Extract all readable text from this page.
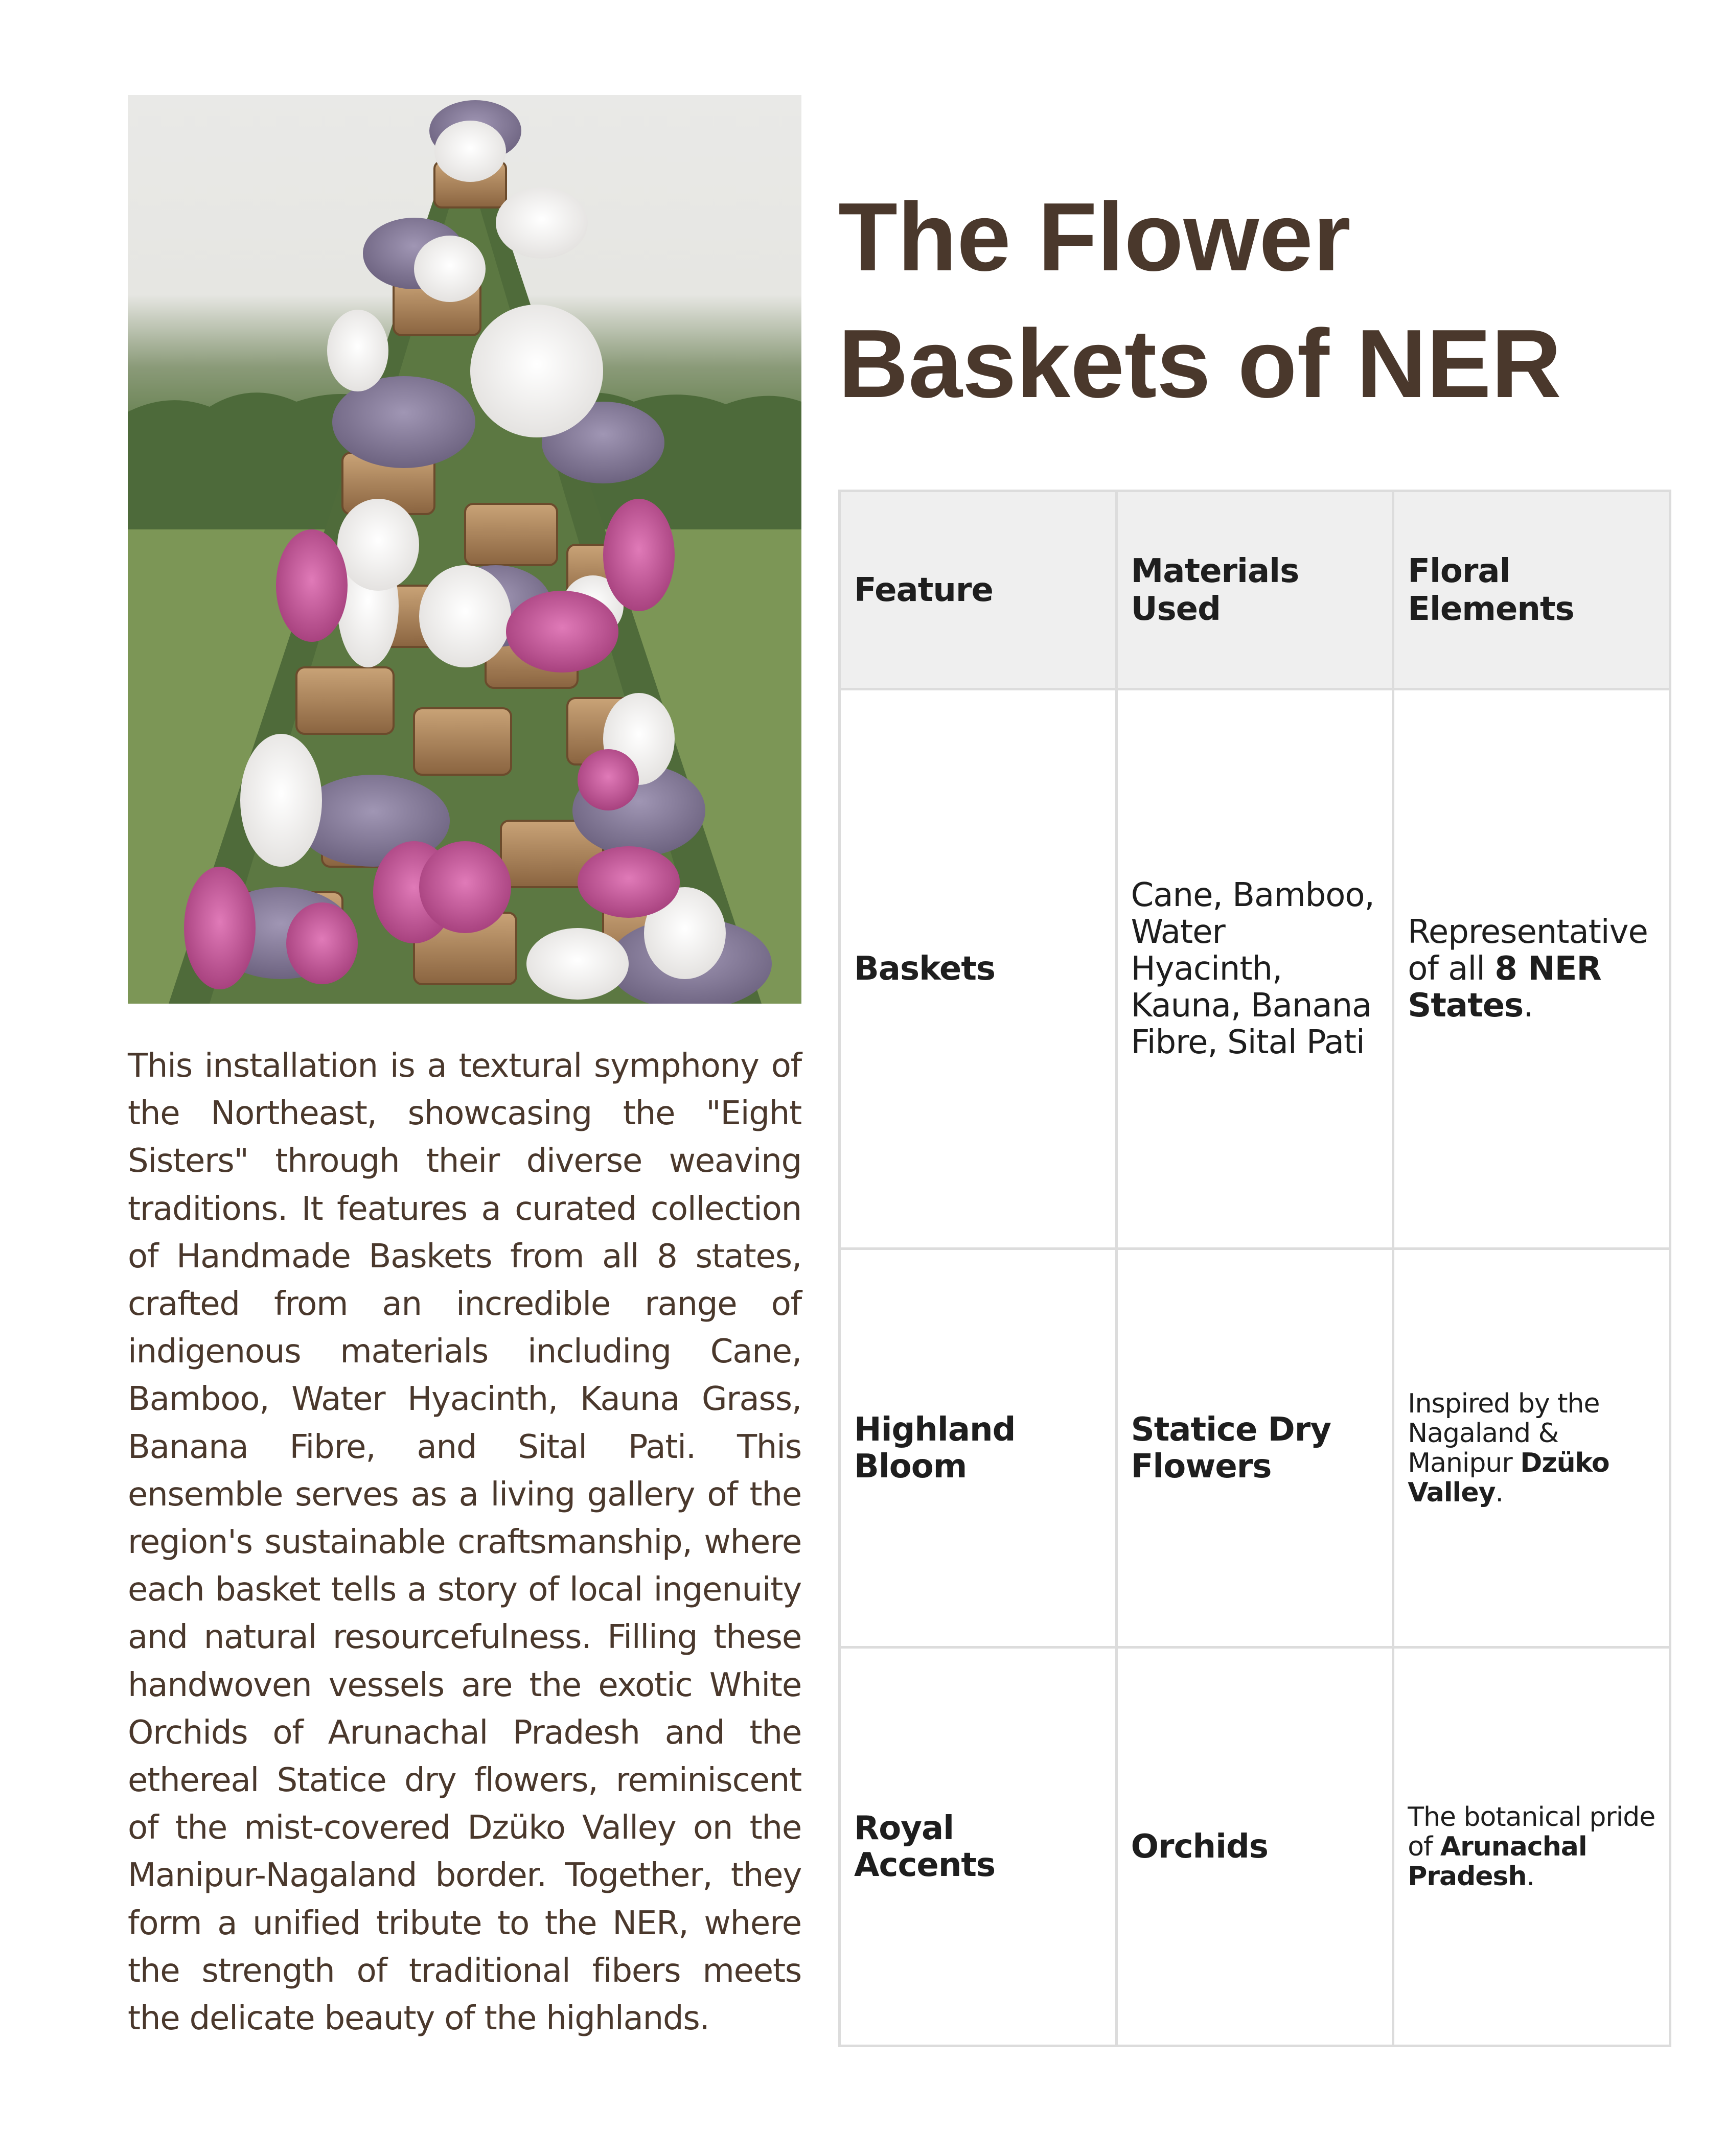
The Flower Baskets of NER

This installation is a textural symphony of the Northeast, showcasing the "Eight Sisters" through their diverse weaving traditions. It features a curated collection of Handmade Baskets from all 8 states, crafted from an incredible range of indigenous materials including Cane, Bamboo, Water Hyacinth, Kauna Grass, Banana Fibre, and Sital Pati. This ensemble serves as a living gallery of the region's sustainable craftsmanship, where each basket tells a story of local ingenuity and natural resourcefulness. Filling these handwoven vessels are the exotic White Orchids of Arunachal Pradesh and the ethereal Statice dry flowers, reminiscent of the mist-covered Dzüko Valley on the Manipur-Nagaland border. Together, they form a unified tribute to the NER, where the strength of traditional fibers meets the delicate beauty of the highlands.

Feature	Materials Used	Floral Elements
Baskets	Cane, Bamboo, Water Hyacinth, Kauna, Banana Fibre, Sital Pati	Representative of all 8 NER States.
Highland Bloom	Statice Dry Flowers	Inspired by the Nagaland & Manipur Dzüko Valley.
Royal Accents	Orchids	The botanical pride of Arunachal Pradesh.
